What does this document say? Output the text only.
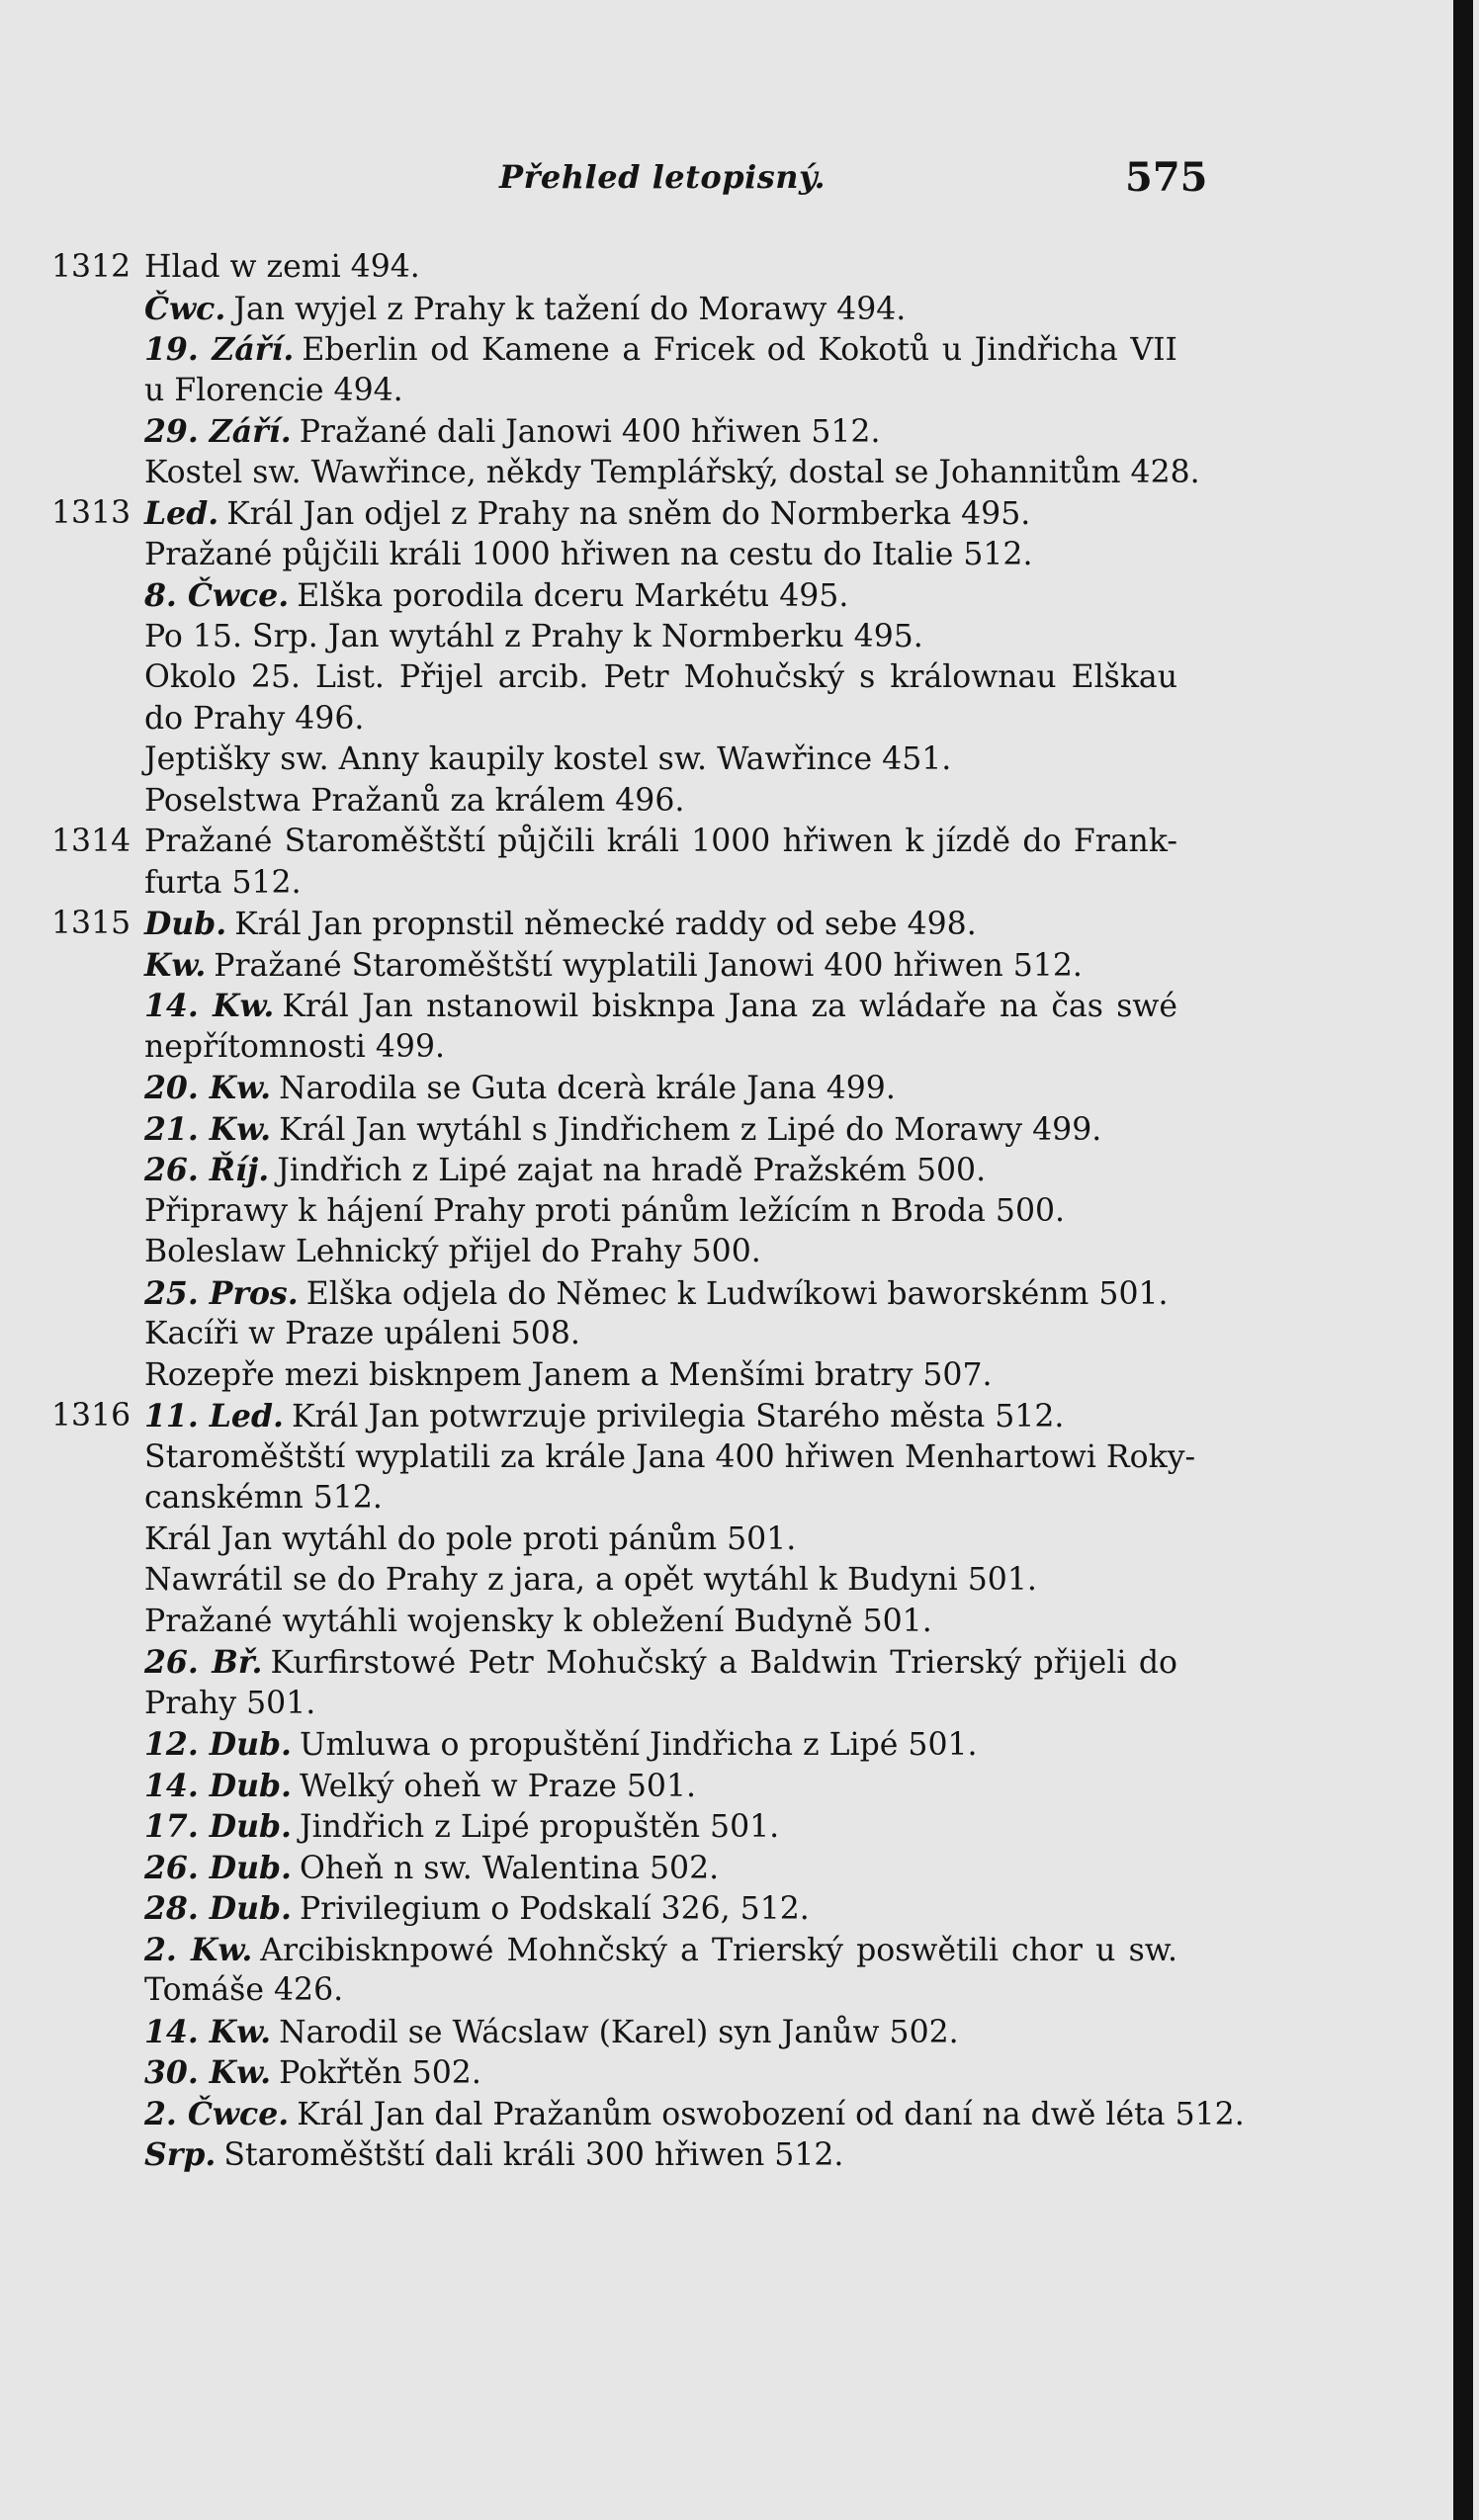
Přehled letopisný.	575
1312 Hlad w zemi 494.
Čwc. Jan wyjel z Prahy k tažení do Morawy 494.
19. Září. Eberlin od Kamene a Fricek od Kokotů u Jindřicha VII
u Florencie 494.
29. Září. Pražané dali Janowi 400 hřiwen 512.
Kostel sw. Wawřince, někdy Templářský, dostal se Johannitům 428.
1313 Led. Král Jan odjel z Prahy na sněm do Normberka 495.
Pražané půjčili králi 1000 hřiwen na cestu do Italie 512.
8. Čwce. Elška porodila dceru Markétu 495.
Po 15. Srp. Jan wytáhl z Prahy k Normberku 495.
Okolo 25. List. Přijel arcib. Petr Mohučský s králownau Elškau
do Prahy 496.
Jeptišky sw. Anny kaupily kostel sw. Wawřince 451.
Poselstwa Pražanů za králem 496.
1314 Pražané Staroměštští půjčili králi 1000 hřiwen k jízdě do Frank-
furta 512.
1315 Dub. Král Jan propnstil německé raddy od sebe 498.
Kw. Pražané Staroměštští wyplatili Janowi 400 hřiwen 512.
14. Kw. Král Jan nstanowil bisknpa Jana za wládaře na čas swé
nepřítomnosti 499.
20. Kw. Narodila se Guta dcerà krále Jana 499.
21. Kw. Král Jan wytáhl s Jindřichem z Lipé do Morawy 499.
26. Říj. Jindřich z Lipé zajat na hradě Pražském 500.
Připrawy k hájení Prahy proti pánům ležícím n Broda 500.
Boleslaw Lehnický přijel do Prahy 500.
25. Pros. Elška odjela do Němec k Ludwíkowi baworskénm 501.
Kacíři w Praze upáleni 508.
Rozepře mezi bisknpem Janem a Menšími bratry 507.
1316 11. Led. Král Jan potwrzuje privilegia Starého města 512.
Staroměštští wyplatili za krále Jana 400 hřiwen Menhartowi Roky-
canskémn 512.
Král Jan wytáhl do pole proti pánům 501.
Nawrátil se do Prahy z jara, a opět wytáhl k Budyni 501.
Pražané wytáhli wojensky k obležení Budyně 501.
26. Bř. Kurfirstowé Petr Mohučský a Baldwin Trierský přijeli do
Prahy 501.
12. Dub. Umluwa o propuštění Jindřicha z Lipé 501.
14. Dub. Welký oheň w Praze 501.
17. Dub. Jindřich z Lipé propuštěn 501.
26. Dub. Oheň n sw. Walentina 502.
28. Dub. Privilegium o Podskalí 326, 512.
2. Kw. Arcibisknpowé Mohnčský a Trierský poswětili chor u sw.
Tomáše 426.
14. Kw. Narodil se Wácslaw (Karel) syn Janůw 502.
30. Kw. Pokřtěn 502.
2. Čwce. Král Jan dal Pražanům oswobození od daní na dwě léta 512.
Srp. Staroměštští dali králi 300 hřiwen 512.
